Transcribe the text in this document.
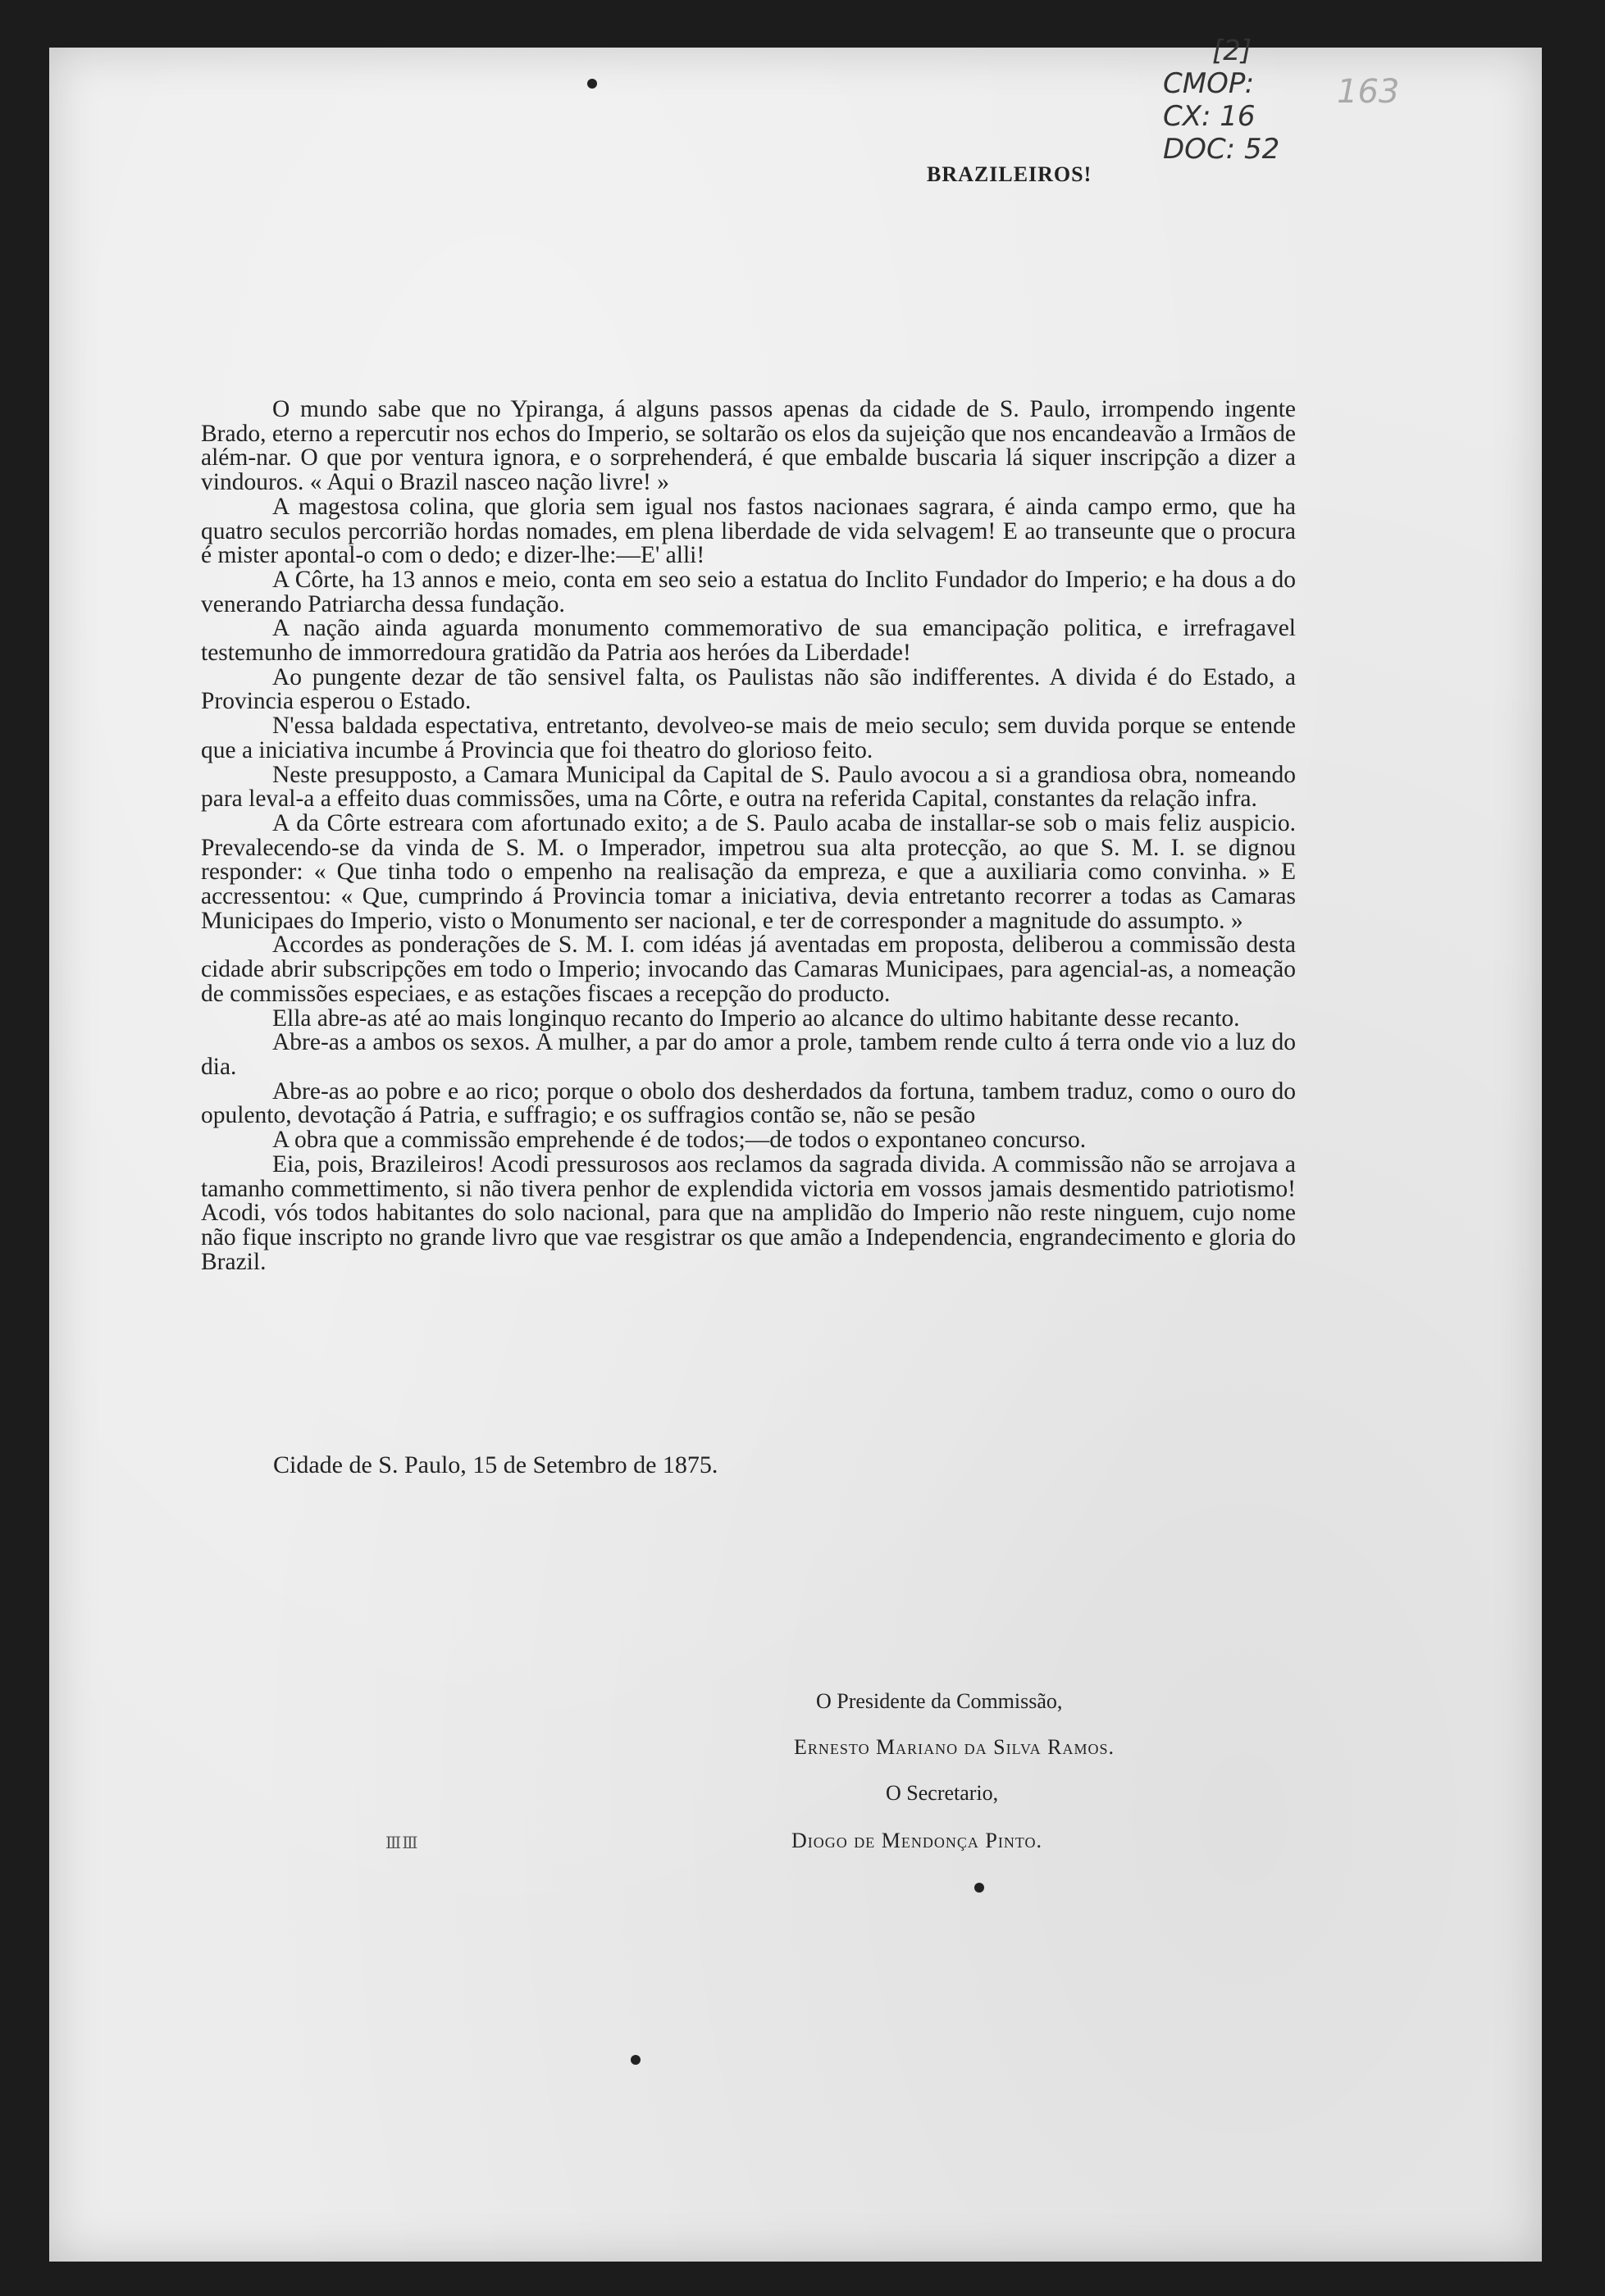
[2]
CMOP:
CX: 16
DOC: 52
163
BRAZILEIROS!

O mundo sabe que no Ypiranga, á alguns passos apenas da cidade de S. Paulo, irrompendo ingente Brado, eterno a repercutir nos echos do Imperio, se soltarão os elos da sujeição que nos encandeavão a Irmãos de além-nar. O que por ventura ignora, e o sorprehenderá, é que embalde buscaria lá siquer inscripção a dizer a vindouros. « Aqui o Brazil nasceo nação livre! »

A magestosa colina, que gloria sem igual nos fastos nacionaes sagrara, é ainda campo ermo, que ha quatro seculos percorrião hordas nomades, em plena liberdade de vida selvagem! E ao transeunte que o procura é mister apontal-o com o dedo; e dizer-lhe:—E' alli!

A Côrte, ha 13 annos e meio, conta em seo seio a estatua do Inclito Fundador do Imperio; e ha dous a do venerando Patriarcha dessa fundação.

A nação ainda aguarda monumento commemorativo de sua emancipação politica, e irrefragavel testemunho de immorredoura gratidão da Patria aos heróes da Liberdade!

Ao pungente dezar de tão sensivel falta, os Paulistas não são indifferentes. A divida é do Estado, a Provincia esperou o Estado.

N'essa baldada espectativa, entretanto, devolveo-se mais de meio seculo; sem duvida porque se entende que a iniciativa incumbe á Provincia que foi theatro do glorioso feito.

Neste presupposto, a Camara Municipal da Capital de S. Paulo avocou a si a grandiosa obra, nomeando para leval-a a effeito duas commissões, uma na Côrte, e outra na referida Capital, constantes da relação infra.

A da Côrte estreara com afortunado exito; a de S. Paulo acaba de installar-se sob o mais feliz auspicio. Prevalecendo-se da vinda de S. M. o Imperador, impetrou sua alta protecção, ao que S. M. I. se dignou responder: « Que tinha todo o empenho na realisação da empreza, e que a auxiliaria como convinha. » E accressentou: « Que, cumprindo á Provincia tomar a iniciativa, devia entretanto recorrer a todas as Camaras Municipaes do Imperio, visto o Monumento ser nacional, e ter de corresponder a magnitude do assumpto. »

Accordes as ponderações de S. M. I. com idéas já aventadas em proposta, deliberou a commissão desta cidade abrir subscripções em todo o Imperio; invocando das Camaras Municipaes, para agencial-as, a nomeação de commissões especiaes, e as estações fiscaes a recepção do producto.

Ella abre-as até ao mais longinquo recanto do Imperio ao alcance do ultimo habitante desse recanto.

Abre-as a ambos os sexos. A mulher, a par do amor a prole, tambem rende culto á terra onde vio a luz do dia.

Abre-as ao pobre e ao rico; porque o obolo dos desherdados da fortuna, tambem traduz, como o ouro do opulento, devotação á Patria, e suffragio; e os suffragios contão se, não se pesão

A obra que a commissão emprehende é de todos;—de todos o expontaneo concurso.

Eia, pois, Brazileiros! Acodi pressurosos aos reclamos da sagrada divida. A commissão não se arrojava a tamanho commettimento, si não tivera penhor de explendida victoria em vossos jamais desmentido patriotismo! Acodi, vós todos habitantes do solo nacional, para que na amplidão do Imperio não reste ninguem, cujo nome não fique inscripto no grande livro que vae resgistrar os que amão a Independencia, engrandecimento e gloria do Brazil.

Cidade de S. Paulo, 15 de Setembro de 1875.
O Presidente da Commissão,
Ernesto Mariano da Silva Ramos.
O Secretario,
Diogo de Mendonça Pinto.
ⅢⅢ
